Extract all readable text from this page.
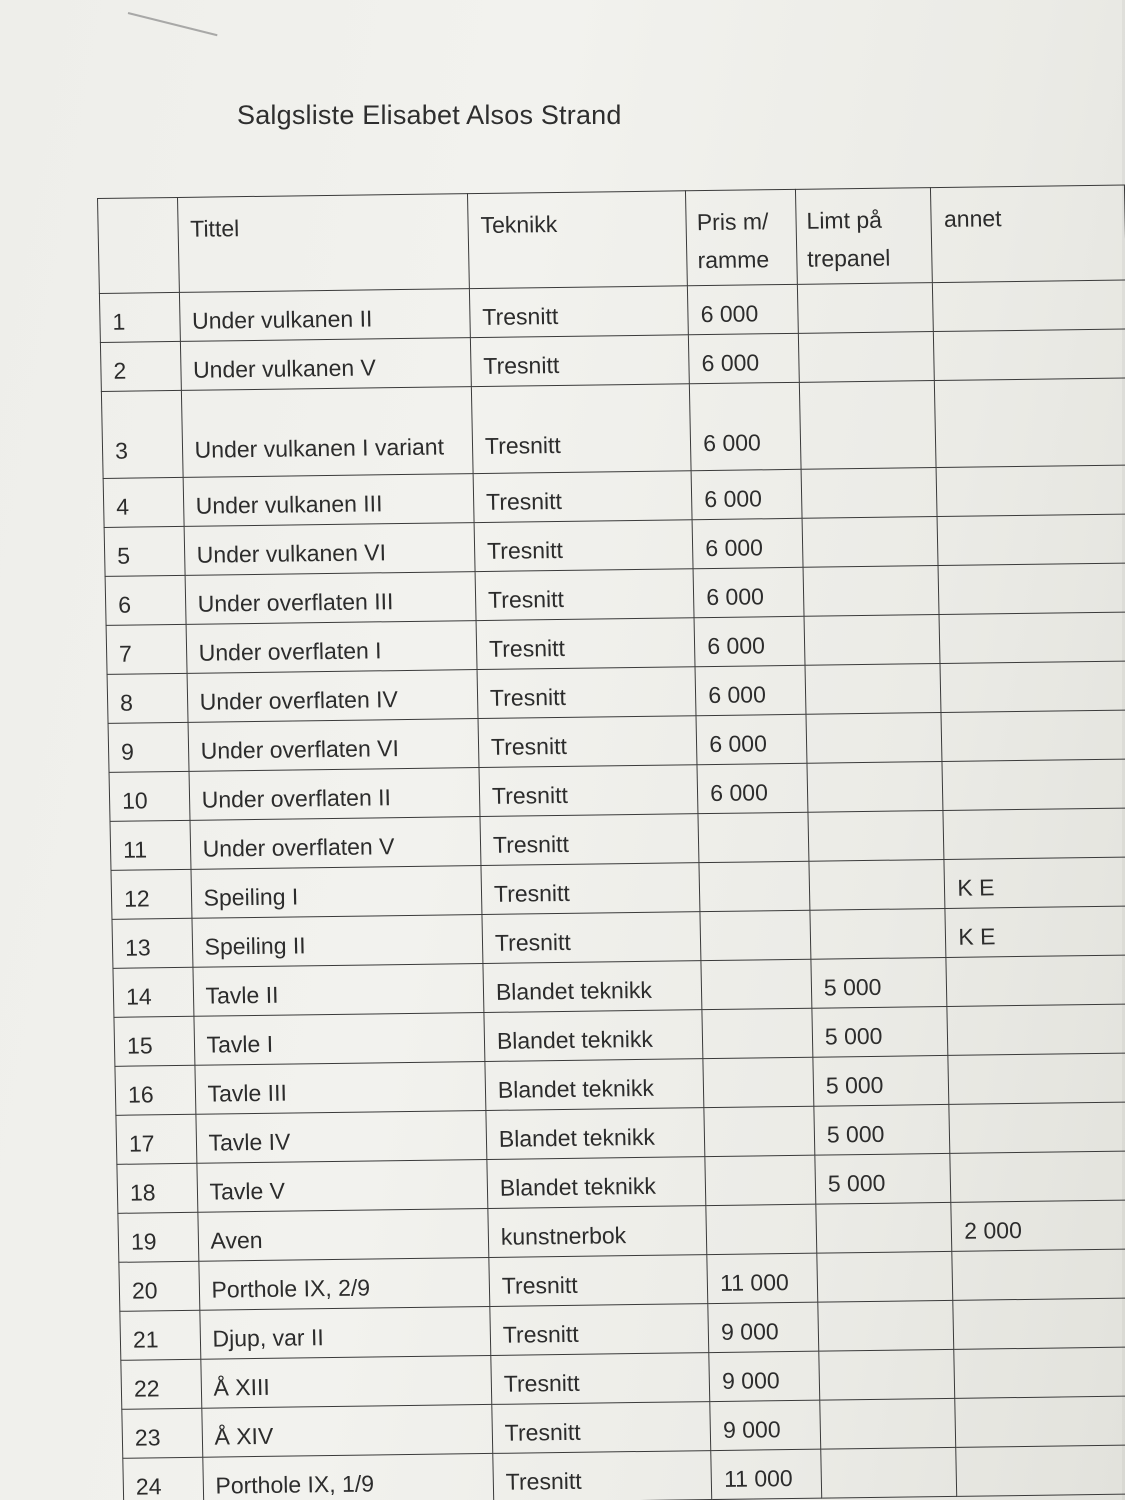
Salgsliste Elisabet Alsos Strand
	Tittel	Teknikk	Pris m/ ramme	Limt på trepanel	annet
1	Under vulkanen II	Tresnitt	6 000		
2	Under vulkanen V	Tresnitt	6 000		
3	Under vulkanen I variant	Tresnitt	6 000		
4	Under vulkanen III	Tresnitt	6 000		
5	Under vulkanen VI	Tresnitt	6 000		
6	Under overflaten III	Tresnitt	6 000		
7	Under overflaten I	Tresnitt	6 000		
8	Under overflaten IV	Tresnitt	6 000		
9	Under overflaten VI	Tresnitt	6 000		
10	Under overflaten II	Tresnitt	6 000		
11	Under overflaten V	Tresnitt			
12	Speiling I	Tresnitt			K E
13	Speiling II	Tresnitt			K E
14	Tavle II	Blandet teknikk		5 000	
15	Tavle I	Blandet teknikk		5 000	
16	Tavle III	Blandet teknikk		5 000	
17	Tavle IV	Blandet teknikk		5 000	
18	Tavle V	Blandet teknikk		5 000	
19	Aven	kunstnerbok			2 000
20	Porthole IX, 2/9	Tresnitt	11 000		
21	Djup, var II	Tresnitt	9 000		
22	Å XIII	Tresnitt	9 000		
23	Å XIV	Tresnitt	9 000		
24	Porthole IX, 1/9	Tresnitt	11 000		
